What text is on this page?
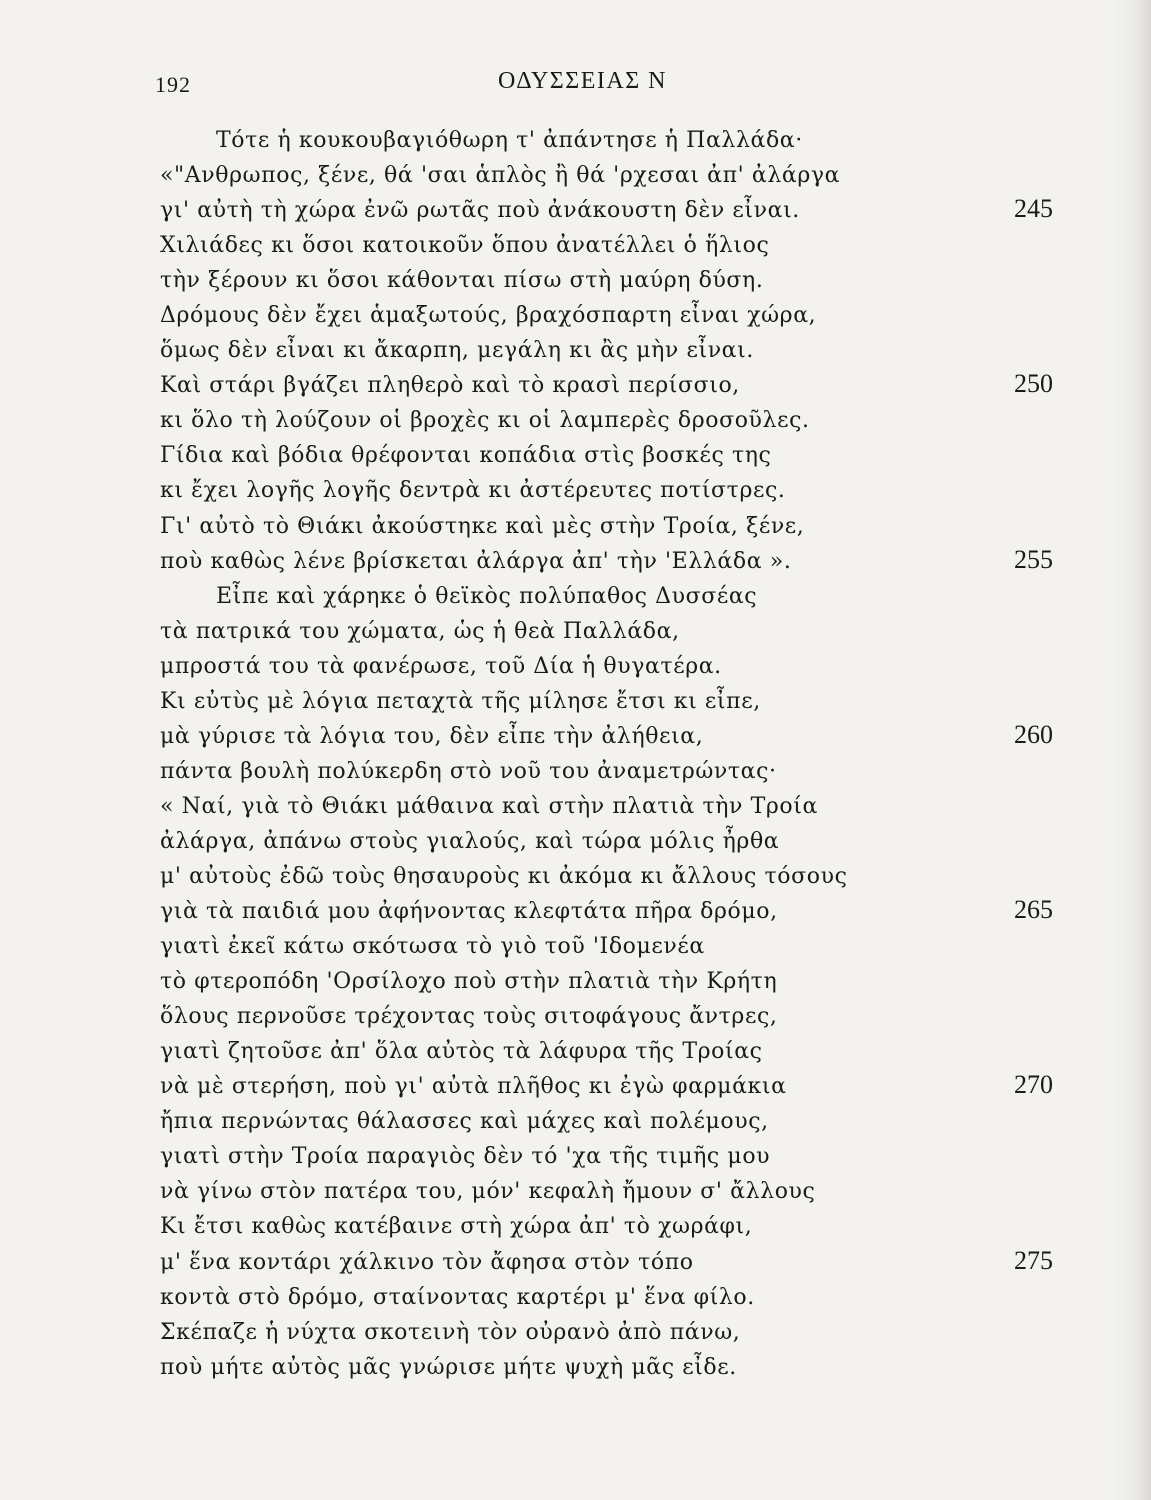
192	ΟΔΥΣΣΕΙΑΣ Ν
Τότε ἡ κουκουβαγιόθωρη τ' ἀπάντησε ἡ Παλλάδα·
«"Ανθρωπος, ξένε, θά 'σαι ἁπλὸς ἢ θά 'ρχεσαι ἀπ' ἀλάργα
γι' αὐτὴ τὴ χώρα ἐνῶ ρωτᾶς ποὺ ἀνάκουστη δὲν εἶναι.	245
Χιλιάδες κι ὅσοι κατοικοῦν ὅπου ἀνατέλλει ὁ ἥλιος
τὴν ξέρουν κι ὅσοι κάθονται πίσω στὴ μαύρη δύση.
Δρόμους δὲν ἔχει ἁμαξωτούς, βραχόσπαρτη εἶναι χώρα,
ὅμως δὲν εἶναι κι ἄκαρπη, μεγάλη κι ἂς μὴν εἶναι.
Καὶ στάρι βγάζει πληθερὸ καὶ τὸ κρασὶ περίσσιο,	250
κι ὅλο τὴ λούζουν οἱ βροχὲς κι οἱ λαμπερὲς δροσοῦλες.
Γίδια καὶ βόδια θρέφονται κοπάδια στὶς βοσκές της
κι ἔχει λογῆς λογῆς δεντρὰ κι ἀστέρευτες ποτίστρες.
Γι' αὐτὸ τὸ Θιάκι ἀκούστηκε καὶ μὲς στὴν Τροία, ξένε,
ποὺ καθὼς λένε βρίσκεται ἀλάργα ἀπ' τὴν 'Ελλάδα ».	255
Εἶπε καὶ χάρηκε ὁ θεϊκὸς πολύπαθος Δυσσέας
τὰ πατρικά του χώματα, ὡς ἡ θεὰ Παλλάδα,
μπροστά του τὰ φανέρωσε, τοῦ Δία ἡ θυγατέρα.
Κι εὐτὺς μὲ λόγια πεταχτὰ τῆς μίλησε ἔτσι κι εἶπε,
μὰ γύρισε τὰ λόγια του, δὲν εἶπε τὴν ἀλήθεια,	260
πάντα βουλὴ πολύκερδη στὸ νοῦ του ἀναμετρώντας·
« Ναί, γιὰ τὸ Θιάκι μάθαινα καὶ στὴν πλατιὰ τὴν Τροία
ἀλάργα, ἀπάνω στοὺς γιαλούς, καὶ τώρα μόλις ἦρθα
μ' αὐτοὺς ἐδῶ τοὺς θησαυροὺς κι ἀκόμα κι ἄλλους τόσους
γιὰ τὰ παιδιά μου ἀφήνοντας κλεφτάτα πῆρα δρόμο,	265
γιατὶ ἐκεῖ κάτω σκότωσα τὸ γιὸ τοῦ 'Ιδομενέα
τὸ φτεροπόδη 'Ορσίλοχο ποὺ στὴν πλατιὰ τὴν Κρήτη
ὅλους περνοῦσε τρέχοντας τοὺς σιτοφάγους ἄντρες,
γιατὶ ζητοῦσε ἀπ' ὅλα αὐτὸς τὰ λάφυρα τῆς Τροίας
νὰ μὲ στερήση, ποὺ γι' αὐτὰ πλῆθος κι ἐγὼ φαρμάκια	270
ἤπια περνώντας θάλασσες καὶ μάχες καὶ πολέμους,
γιατὶ στὴν Τροία παραγιὸς δὲν τό 'χα τῆς τιμῆς μου
νὰ γίνω στὸν πατέρα του, μόν' κεφαλὴ ἤμουν σ' ἄλλους
Κι ἔτσι καθὼς κατέβαινε στὴ χώρα ἀπ' τὸ χωράφι,
μ' ἕνα κοντάρι χάλκινο τὸν ἄφησα στὸν τόπο	275
κοντὰ στὸ δρόμο, σταίνοντας καρτέρι μ' ἕνα φίλο.
Σκέπαζε ἡ νύχτα σκοτεινὴ τὸν οὐρανὸ ἀπὸ πάνω,
ποὺ μήτε αὐτὸς μᾶς γνώρισε μήτε ψυχὴ μᾶς εἶδε.
